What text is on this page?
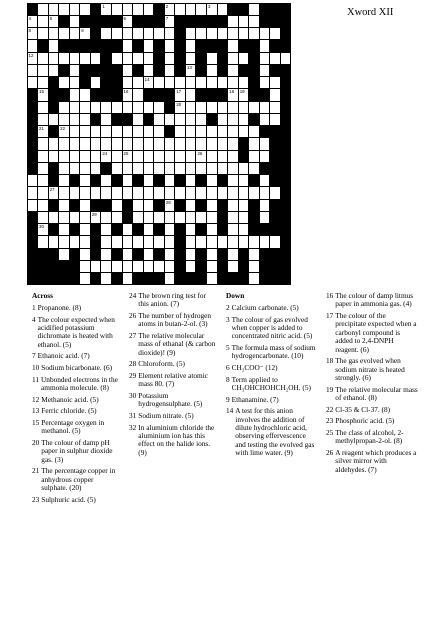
Xword XII
1	2	3
4	5	6	7
8	9
12
13
14
15	16	17	18 19
20
21	22
24	25	26
27
28
29
30
Across
1 Propanone. (8)
4 The colour expected when acidified potassium dichromate is heated with ethanol. (5)
7 Ethanoic acid. (7)
10 Sodium bicarbonate. (6)
11 Unbonded electrons in the ammonia molecule. (8)
12 Methanoic acid. (5)
13 Ferric chloride. (5)
15 Percentage oxygen in methanol. (5)
20 The colour of damp pH paper in sulphur dioxide gas. (3)
21 The percentage copper in anhydrous copper sulphate. (20)
23 Sulphuric acid. (5)
24 The brown ring test for this anion. (7)
26 The number of hydrogen atoms in butan-2-ol. (3)
27 The relative molecular mass of ethanal (& carbon dioxide)! (9)
28 Chloroform. (5)
29 Element relative atomic mass 80. (7)
30 Potassium hydrogensulphate. (5)
31 Sodium nitrate. (5)
32 In aluminium chloride the aluminium ion has this effect on the halide ions. (9)
Down
2 Calcium carbonate. (5)
3 The colour of gas evolved when copper is added to concentrated nitric acid. (5)
5 The formula mass of sodium hydrogencarbonate. (10)
6 CH₃COO⁻ (12)
8 Term applied to CH₃OHCHOHCH₂OH. (5)
9 Ethanamine. (7)
14 A test for this anion involves the addition of dilute hydrochloric acid, observing effervescence and testing the evolved gas with lime water. (9)
16 The colour of damp litmus paper in ammonia gas. (4)
17 The colour of the precipitate expected when a carbonyl compound is added to 2,4-DNPH reagent. (6)
18 The gas evolved when sodium nitrate is heated strongly. (6)
19 The relative molecular mass of ethanol. (8)
22 Cl-35 & Cl-37. (8)
23 Phosphoric acid. (5)
25 The class of alcohol, 2-methylpropan-2-ol. (8)
26 A reagent which produces a silver mirror with aldehydes. (7)
